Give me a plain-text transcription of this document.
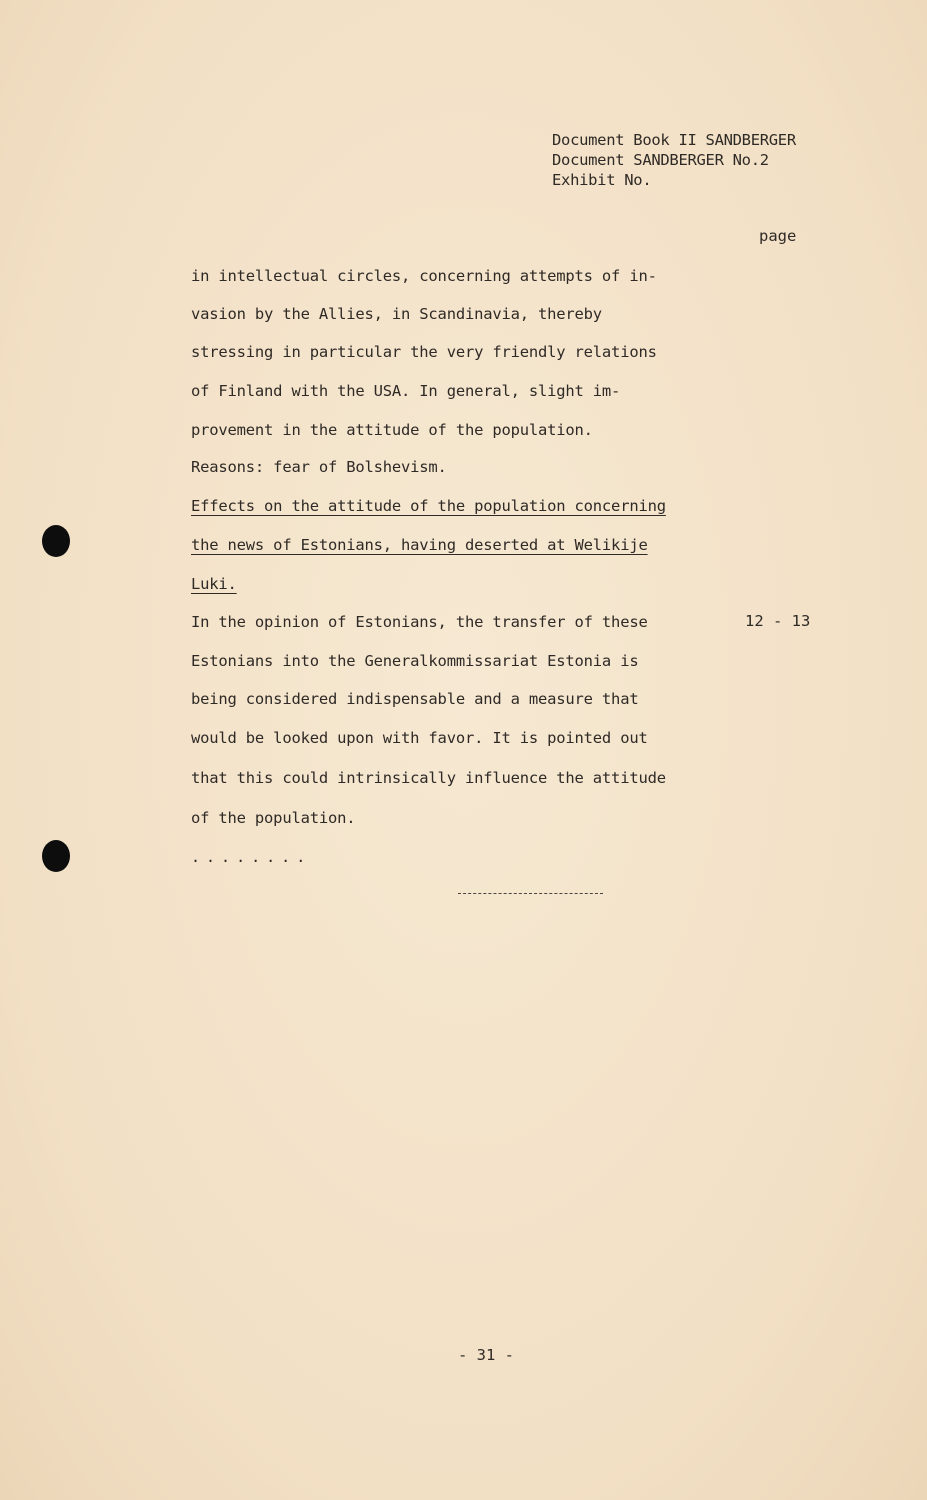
Document Book II SANDBERGER
Document SANDBERGER No.2
Exhibit No.
page
in intellectual circles, concerning attempts of in-
vasion by the Allies, in Scandinavia, thereby
stressing in particular the very friendly relations
of Finland with the USA. In general, slight im-
provement in the attitude of the population.
Reasons: fear of Bolshevism.
Effects on the attitude of the population concerning
the news of Estonians, having deserted at Welikije
Luki.
In the opinion of Estonians, the transfer of these
Estonians into the Generalkommissariat Estonia is
being considered indispensable and a measure that
would be looked upon with favor. It is pointed out
that this could intrinsically influence the attitude
of the population.
12 - 13
........
- 31 -
